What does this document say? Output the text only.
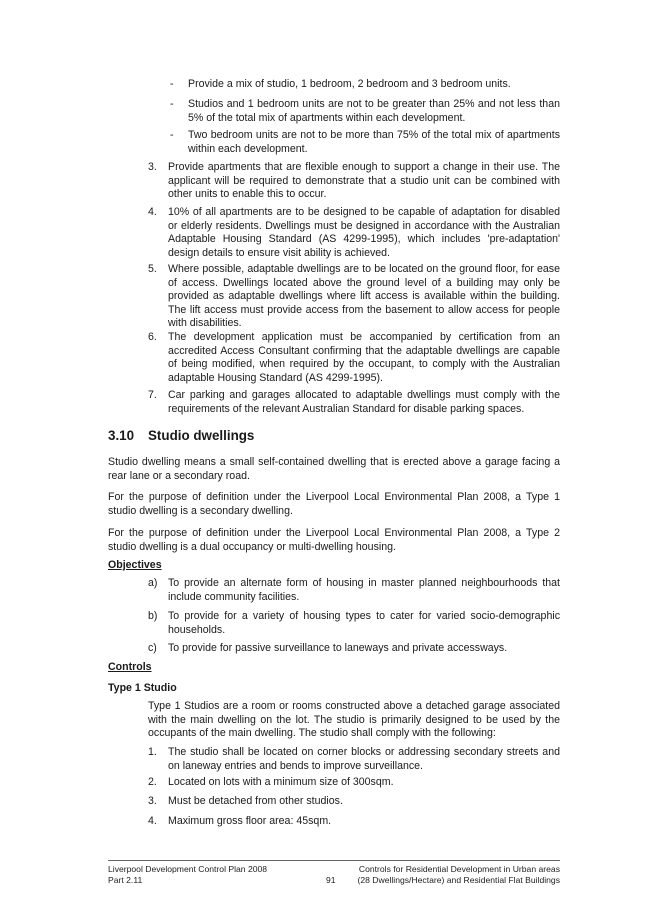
- Provide a mix of studio, 1 bedroom, 2 bedroom and 3 bedroom units.
- Studios and 1 bedroom units are not to be greater than 25% and not less than 5% of the total mix of apartments within each development.
- Two bedroom units are not to be more than 75% of the total mix of apartments within each development.
3. Provide apartments that are flexible enough to support a change in their use. The applicant will be required to demonstrate that a studio unit can be combined with other units to enable this to occur.
4. 10% of all apartments are to be designed to be capable of adaptation for disabled or elderly residents. Dwellings must be designed in accordance with the Australian Adaptable Housing Standard (AS 4299-1995), which includes 'pre-adaptation' design details to ensure visit ability is achieved.
5. Where possible, adaptable dwellings are to be located on the ground floor, for ease of access. Dwellings located above the ground level of a building may only be provided as adaptable dwellings where lift access is available within the building. The lift access must provide access from the basement to allow access for people with disabilities.
6. The development application must be accompanied by certification from an accredited Access Consultant confirming that the adaptable dwellings are capable of being modified, when required by the occupant, to comply with the Australian adaptable Housing Standard (AS 4299-1995).
7. Car parking and garages allocated to adaptable dwellings must comply with the requirements of the relevant Australian Standard for disable parking spaces.
3.10 Studio dwellings
Studio dwelling means a small self-contained dwelling that is erected above a garage facing a rear lane or a secondary road.
For the purpose of definition under the Liverpool Local Environmental Plan 2008, a Type 1 studio dwelling is a secondary dwelling.
For the purpose of definition under the Liverpool Local Environmental Plan 2008, a Type 2 studio dwelling is a dual occupancy or multi-dwelling housing.
Objectives
a) To provide an alternate form of housing in master planned neighbourhoods that include community facilities.
b) To provide for a variety of housing types to cater for varied socio-demographic households.
c) To provide for passive surveillance to laneways and private accessways.
Controls
Type 1 Studio
Type 1 Studios are a room or rooms constructed above a detached garage associated with the main dwelling on the lot. The studio is primarily designed to be used by the occupants of the main dwelling. The studio shall comply with the following:
1. The studio shall be located on corner blocks or addressing secondary streets and on laneway entries and bends to improve surveillance.
2. Located on lots with a minimum size of 300sqm.
3. Must be detached from other studios.
4. Maximum gross floor area: 45sqm.
Liverpool Development Control Plan 2008
Part 2.11	91
Controls for Residential Development in Urban areas
(28 Dwellings/Hectare) and Residential Flat Buildings
